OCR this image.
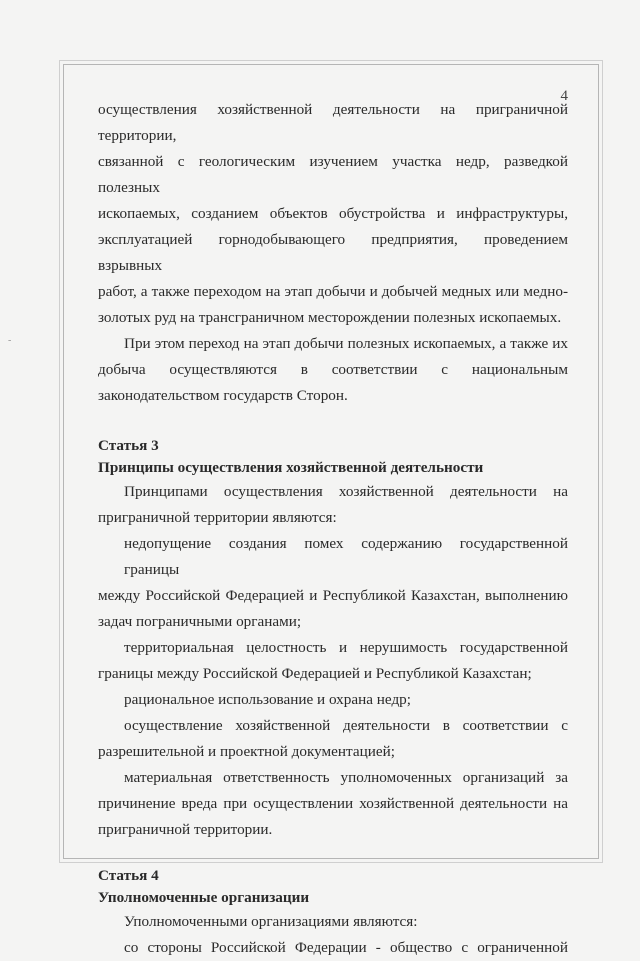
4
-

осуществления хозяйственной деятельности на приграничной территории,
связанной с геологическим изучением участка недр, разведкой полезных
ископаемых, созданием объектов обустройства и инфраструктуры,
эксплуатацией горнодобывающего предприятия, проведением взрывных
работ, а также переходом на этап добычи и добычей медных или медно-
золотых руд на трансграничном месторождении полезных ископаемых.

При этом переход на этап добычи полезных ископаемых, а также их
добыча осуществляются в соответствии с национальным
законодательством государств Сторон.

Статья 3

Принципы осуществления хозяйственной деятельности

Принципами осуществления хозяйственной деятельности на
приграничной территории являются:

недопущение создания помех содержанию государственной границы
между Российской Федерацией и Республикой Казахстан, выполнению
задач пограничными органами;

территориальная целостность и нерушимость государственной
границы между Российской Федерацией и Республикой Казахстан;

рациональное использование и охрана недр;

осуществление хозяйственной деятельности в соответствии с
разрешительной и проектной документацией;

материальная ответственность уполномоченных организаций за
причинение вреда при осуществлении хозяйственной деятельности на
приграничной территории.

Статья 4

Уполномоченные организации

Уполномоченными организациями являются:

со стороны Российской Федерации - общество с ограниченной
